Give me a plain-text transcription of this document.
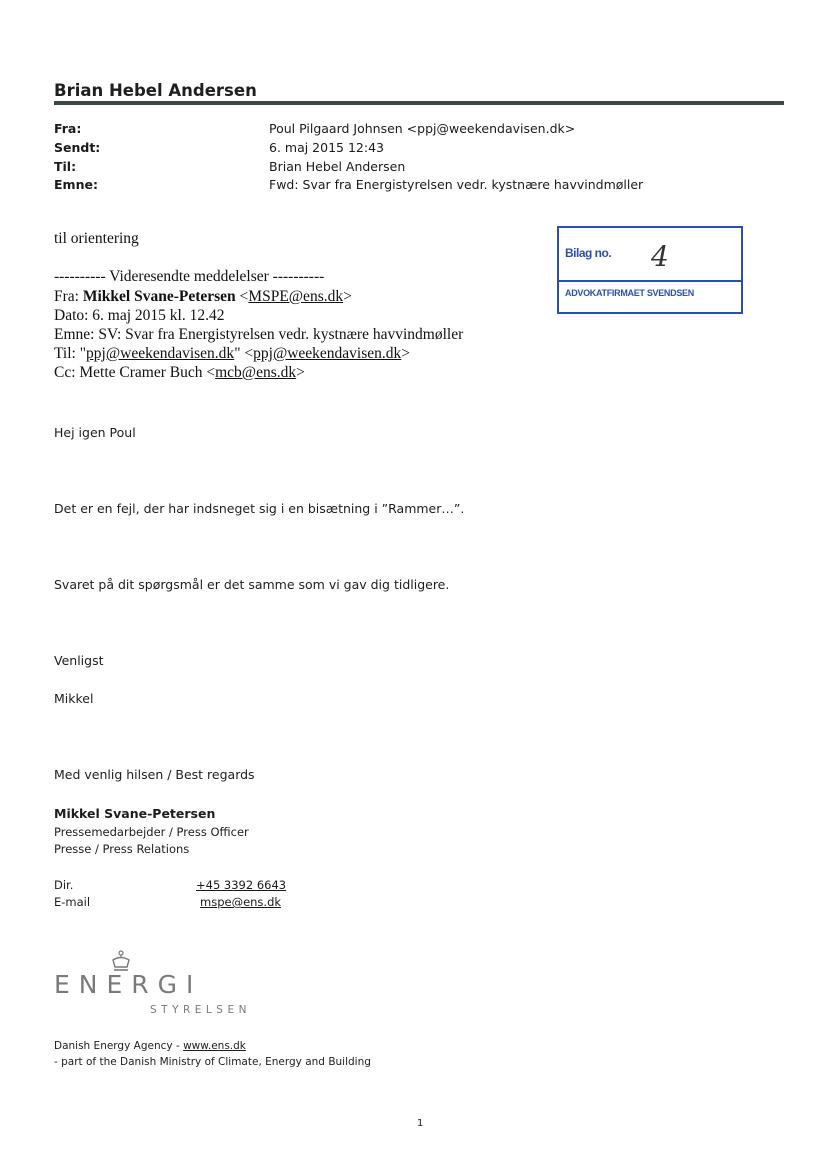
Brian Hebel Andersen
Fra:	Poul Pilgaard Johnsen <ppj@weekendavisen.dk>
Sendt:	6. maj 2015 12:43
Til:	Brian Hebel Andersen
Emne:	Fwd: Svar fra Energistyrelsen vedr. kystnære havvindmøller
Bilag no. 4
ADVOKATFIRMAET SVENDSEN
til orientering
---------- Videresendte meddelelser ----------
Fra: Mikkel Svane-Petersen <MSPE@ens.dk>
Dato: 6. maj 2015 kl. 12.42
Emne: SV: Svar fra Energistyrelsen vedr. kystnære havvindmøller
Til: "ppj@weekendavisen.dk" <ppj@weekendavisen.dk>
Cc: Mette Cramer Buch <mcb@ens.dk>
Hej igen Poul
Det er en fejl, der har indsneget sig i en bisætning i ”Rammer…”.
Svaret på dit spørgsmål er det samme som vi gav dig tidligere.
Venligst
Mikkel
Med venlig hilsen / Best regards
Mikkel Svane-Petersen
Pressemedarbejder / Press Officer
Presse / Press Relations
Dir.	+45 3392 6643
E-mail	mspe@ens.dk
ENERGI
STYRELSEN
Danish Energy Agency - www.ens.dk
- part of the Danish Ministry of Climate, Energy and Building
1
